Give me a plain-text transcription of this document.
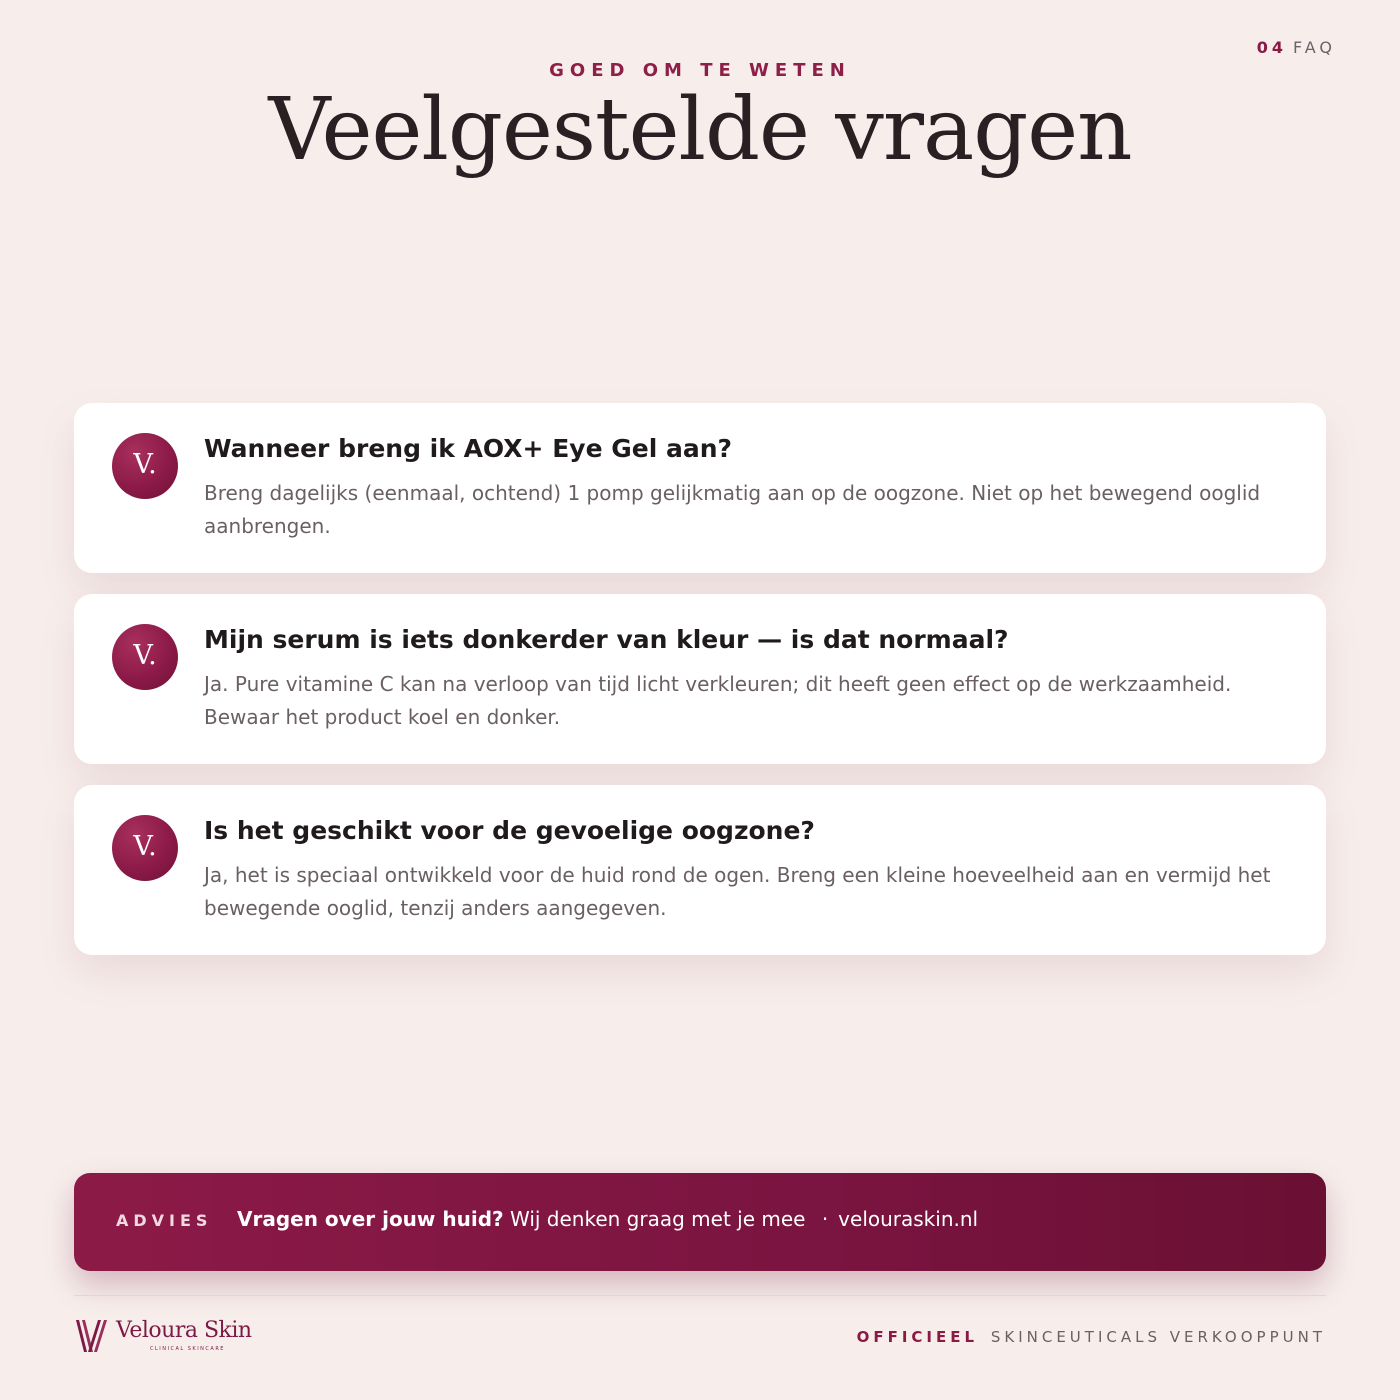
04 FAQ
GOED OM TE WETEN
Veelgestelde vragen
V.
Wanneer breng ik AOX+ Eye Gel aan?
Breng dagelijks (eenmaal, ochtend) 1 pomp gelijkmatig aan op de oogzone. Niet op het bewegend ooglid aanbrengen.
V.
Mijn serum is iets donkerder van kleur — is dat normaal?
Ja. Pure vitamine C kan na verloop van tijd licht verkleuren; dit heeft geen effect op de werkzaamheid. Bewaar het product koel en donker.
V.
Is het geschikt voor de gevoelige oogzone?
Ja, het is speciaal ontwikkeld voor de huid rond de ogen. Breng een kleine hoeveelheid aan en vermijd het bewegende ooglid, tenzij anders aangegeven.
ADVIES Vragen over jouw huid? Wij denken graag met je mee · velouraskin.nl
Veloura Skin
CLINICAL SKINCARE
OFFICIEEL SKINCEUTICALS VERKOOPPUNT
